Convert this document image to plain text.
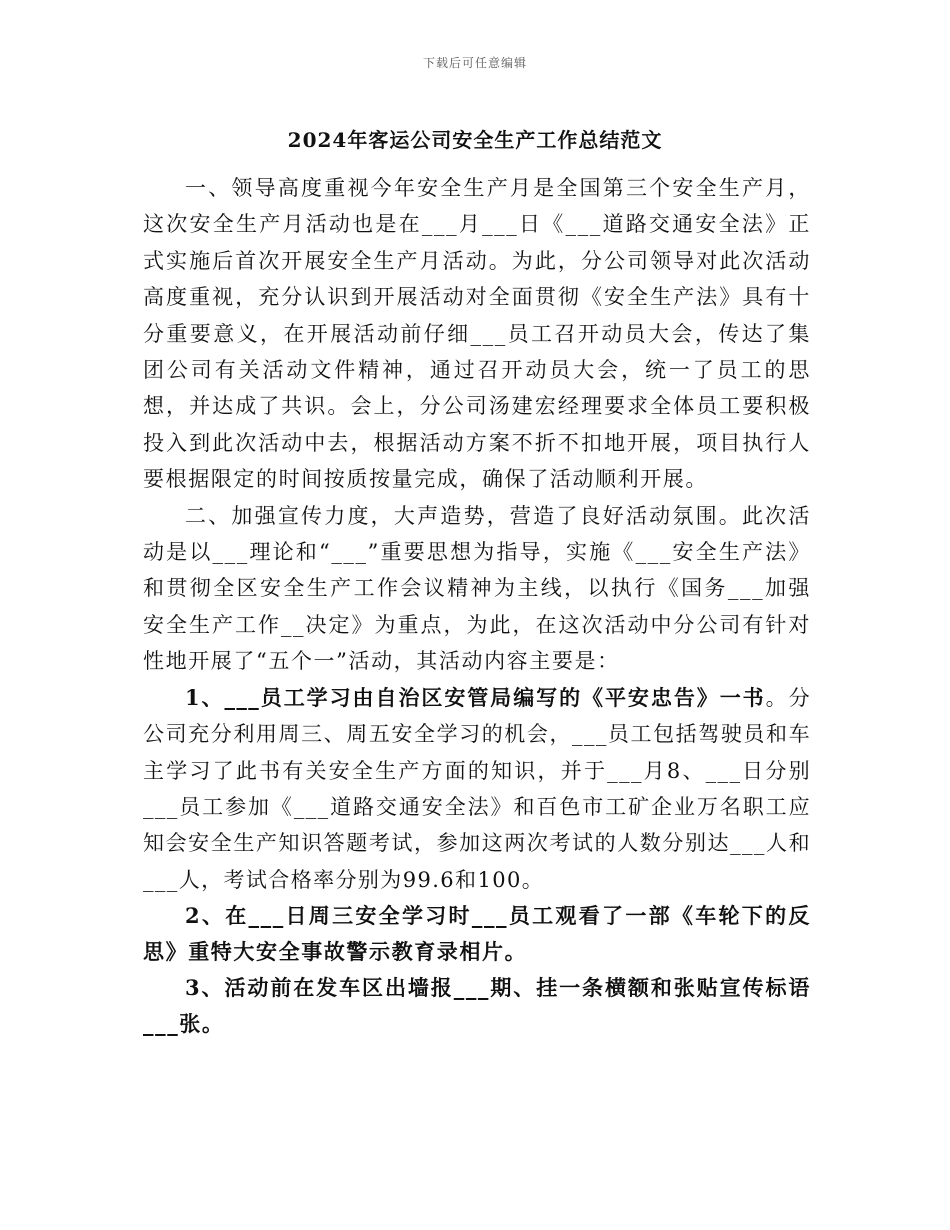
下载后可任意编辑
2024年客运公司安全生产工作总结范文

一、领导高度重视今年安全生产月是全国第三个安全生产月，这次安全生产月活动也是在___月___日《___道路交通安全法》正式实施后首次开展安全生产月活动。为此，分公司领导对此次活动高度重视，充分认识到开展活动对全面贯彻《安全生产法》具有十分重要意义，在开展活动前仔细___员工召开动员大会，传达了集团公司有关活动文件精神，通过召开动员大会，统一了员工的思想，并达成了共识。会上，分公司汤建宏经理要求全体员工要积极投入到此次活动中去，根据活动方案不折不扣地开展，项目执行人要根据限定的时间按质按量完成，确保了活动顺利开展。

二、加强宣传力度，大声造势，营造了良好活动氛围。此次活动是以___理论和“___”重要思想为指导，实施《___安全生产法》和贯彻全区安全生产工作会议精神为主线，以执行《国务___加强安全生产工作__决定》为重点，为此，在这次活动中分公司有针对性地开展了“五个一”活动，其活动内容主要是：

1、___员工学习由自治区安管局编写的《平安忠告》一书。分公司充分利用周三、周五安全学习的机会，___员工包括驾驶员和车主学习了此书有关安全生产方面的知识，并于___月8、___日分别___员工参加《___道路交通安全法》和百色市工矿企业万名职工应知会安全生产知识答题考试，参加这两次考试的人数分别达___人和___人，考试合格率分别为99.6和100。

2、在___日周三安全学习时___员工观看了一部《车轮下的反思》重特大安全事故警示教育录相片。

3、活动前在发车区出墙报___期、挂一条横额和张贴宣传标语___张。
